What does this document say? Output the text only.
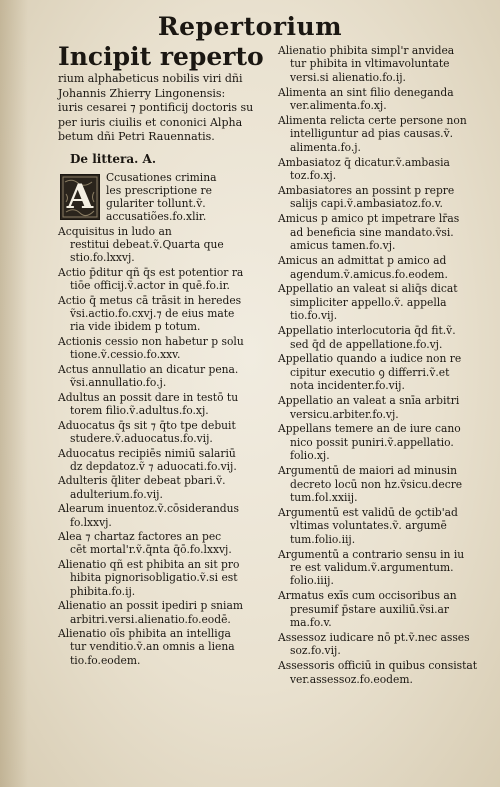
Repertorium
Incipit reperto
rium alphabeticus nobilis viri dñi
Johannis Zhierry Lingonensis:
iuris cesarei ⁊ pontificij doctoris su
per iuris ciuilis et cononici Alpha
betum dñi Petri Rauennatis.
De littera. A.
A	Ccusationes crimina
les prescriptione re
gulariter tollunt.ṽ.
accusatiões.fo.xlir.
Acquisitus in ludo an
restitui debeat.ṽ.Quarta que
stio.fo.lxxvj.
Actio p̄ditur qñ q̄s est potentior ra
tiōe officij.ṽ.actor in quē.fo.ir.
Actio q̄ metus cā trāsit in heredes
ṽsi.actio.fo.cxvj.⁊ de eius mate
ria vide ibidem p totum.
Actionis cessio non habetur p solu
tione.ṽ.cessio.fo.xxv.
Actus annullatio an dicatur pena.
ṽsi.annullatio.fo.j.
Adultus an possit dare in testō tu
torem filio.ṽ.adultus.fo.xj.
Aduocatus q̄s sit ⁊ q̄to tpe debuit
studere.ṽ.aduocatus.fo.vij.
Aduocatus recipiēs nimiū salariū
dz depdatoz.ṽ ⁊ aduocati.fo.vij.
Adulteris q̄liter debeat pbari.ṽ.
adulterium.fo.vij.
Alearum inuentoz.ṽ.cōsiderandus
fo.lxxvj.
Alea ⁊ chartaz factores an pec
cēt mortal'r.ṽ.q̄nta q̄ō.fo.lxxvj.
Alienatio qñ est phibita an sit pro
hibita pignorisobligatio.ṽ.si est
phibita.fo.ij.
Alienatio an possit ipediri p sniam
arbitri.versi.alienatio.fo.eodē.
Alienatio oīs phibita an intelliga
tur venditio.ṽ.an omnis a liena
tio.fo.eodem.
Alienatio phibita simpl'r anvidea
tur phibita in vltimavoluntate
versi.si alienatio.fo.ij.
Alimenta an sint filio deneganda
ver.alimenta.fo.xj.
Alimenta relicta certe persone non
intelliguntur ad pias causas.ṽ.
alimenta.fo.j.
Ambasiatoz q̄ dicatur.ṽ.ambasia
toz.fo.xj.
Ambasiatores an possint p repre
salijs capi.ṽ.ambasiatoz.fo.v.
Amicus p amico pt impetrare lr̄as
ad beneficia sine mandato.ṽsi.
amicus tamen.fo.vj.
Amicus an admittat p amico ad
agendum.ṽ.amicus.fo.eodem.
Appellatio an valeat si aliq̄s dicat
simpliciter appello.ṽ. appella
tio.fo.vij.
Appellatio interlocutoria q̄d fit.ṽ.
sed q̄d de appellatione.fo.vj.
Appellatio quando a iudice non re
cipitur executio ꝯ differri.ṽ.et
nota incidenter.fo.vij.
Appellatio an valeat a snīa arbitri
versicu.arbiter.fo.vj.
Appellans temere an de iure cano
nico possit puniri.ṽ.appellatio.
folio.xj.
Argumentū de maiori ad minusin
decreto locū non hz.ṽsicu.decre
tum.fol.xxiij.
Argumentū est validū de ꝯctib'ad
vltimas voluntates.ṽ. argumē
tum.folio.iij.
Argumentū a contrario sensu in iu
re est validum.ṽ.argumentum.
folio.iiij.
Armatus exīs cum occisoribus an
presumif p̄stare auxiliū.ṽsi.ar
ma.fo.v.
Assessoz iudicare nō pt.ṽ.nec asses
soz.fo.vij.
Assessoris officiū in quibus consistat
ver.assessoz.fo.eodem.
